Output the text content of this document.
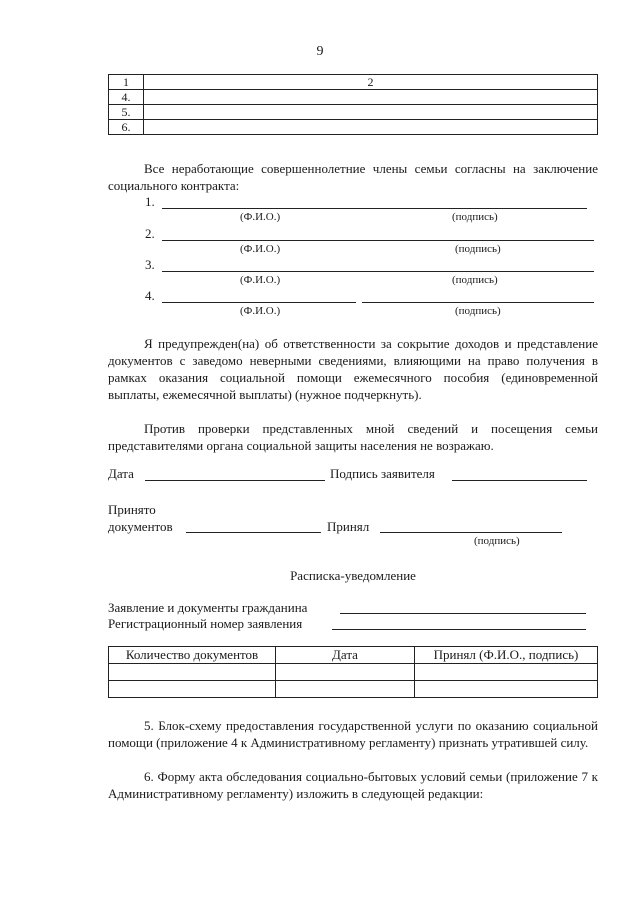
9
1	2
4.	
5.	
6.	
Все неработающие совершеннолетние члены семьи согласны на заключение социального контракта:
1.
(Ф.И.О.)	(подпись)
2.
(Ф.И.О.)	(подпись)
3.
(Ф.И.О.)	(подпись)
4.
(Ф.И.О.)	(подпись)
Я предупрежден(на) об ответственности за сокрытие доходов и представление документов с заведомо неверными сведениями, влияющими на право получения в рамках оказания социальной помощи ежемесячного пособия (единовременной выплаты, ежемесячной выплаты) (нужное подчеркнуть).
Против проверки представленных мной сведений и посещения семьи представителями органа социальной защиты населения не возражаю.
Дата	Подпись заявителя
Принято
документов	Принял
(подпись)
Расписка-уведомление
Заявление и документы гражданина
Регистрационный номер заявления
Количество документов	Дата	Принял (Ф.И.О., подпись)

5. Блок-схему предоставления государственной услуги по оказанию социальной помощи (приложение 4 к Административному регламенту) признать утратившей силу.
6. Форму акта обследования социально-бытовых условий семьи (приложение 7 к Административному регламенту) изложить в следующей редакции:
